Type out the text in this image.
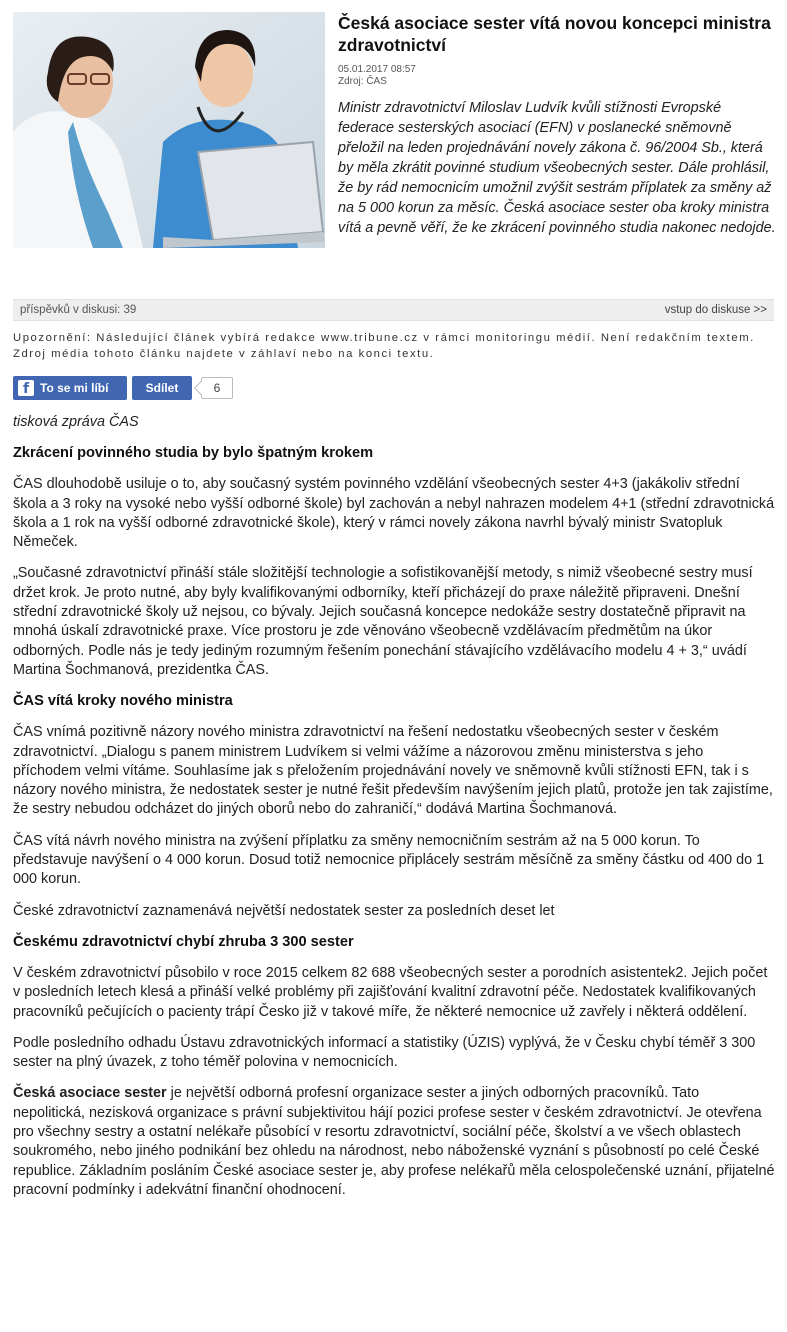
Česká asociace sester vítá novou koncepci ministra zdravotnictví
05.01.2017 08:57
Zdroj: ČAS

Ministr zdravotnictví Miloslav Ludvík kvůli stížnosti Evropské federace sesterských asociací (EFN) v poslanecké sněmovně přeložil na leden projednávání novely zákona č. 96/2004 Sb., která by měla zkrátit povinné studium všeobecných sester. Dále prohlásil, že by rád nemocnicím umožnil zvýšit sestrám příplatek za směny až na 5 000 korun za měsíc. Česká asociace sester oba kroky ministra vítá a pevně věří, že ke zkrácení povinného studia nakonec nedojde.

příspěvků v diskusi: 39	vstup do diskuse >>

Upozornění: Následující článek vybírá redakce www.tribune.cz v rámci monitoringu médií. Není redakčním textem. Zdroj média tohoto článku najdete v záhlaví nebo na konci textu.

f To se mi líbí	Sdílet	6

tisková zpráva ČAS

Zkrácení povinného studia by bylo špatným krokem

ČAS dlouhodobě usiluje o to, aby současný systém povinného vzdělání všeobecných sester 4+3 (jakákoliv střední škola a 3 roky na vysoké nebo vyšší odborné škole) byl zachován a nebyl nahrazen modelem 4+1 (střední zdravotnická škola a 1 rok na vyšší odborné zdravotnické škole), který v rámci novely zákona navrhl bývalý ministr Svatopluk Němeček.

„Současné zdravotnictví přináší stále složitější technologie a sofistikovanější metody, s nimiž všeobecné sestry musí držet krok. Je proto nutné, aby byly kvalifikovanými odborníky, kteří přicházejí do praxe náležitě připraveni. Dnešní střední zdravotnické školy už nejsou, co bývaly. Jejich současná koncepce nedokáže sestry dostatečně připravit na mnohá úskalí zdravotnické praxe. Více prostoru je zde věnováno všeobecně vzdělávacím předmětům na úkor odborných. Podle nás je tedy jediným rozumným řešením ponechání stávajícího vzdělávacího modelu 4 + 3,“ uvádí Martina Šochmanová, prezidentka ČAS.

ČAS vítá kroky nového ministra

ČAS vnímá pozitivně názory nového ministra zdravotnictví na řešení nedostatku všeobecných sester v českém zdravotnictví. „Dialogu s panem ministrem Ludvíkem si velmi vážíme a názorovou změnu ministerstva s jeho příchodem velmi vítáme. Souhlasíme jak s přeložením projednávání novely ve sněmovně kvůli stížnosti EFN, tak i s názory nového ministra, že nedostatek sester je nutné řešit především navýšením jejich platů, protože jen tak zajistíme, že sestry nebudou odcházet do jiných oborů nebo do zahraničí,“ dodává Martina Šochmanová.

ČAS vítá návrh nového ministra na zvýšení příplatku za směny nemocničním sestrám až na 5 000 korun. To představuje navýšení o 4 000 korun. Dosud totiž nemocnice připlácely sestrám měsíčně za směny částku od 400 do 1 000 korun.

České zdravotnictví zaznamenává největší nedostatek sester za posledních deset let

Českému zdravotnictví chybí zhruba 3 300 sester

V českém zdravotnictví působilo v roce 2015 celkem 82 688 všeobecných sester a porodních asistentek2. Jejich počet v posledních letech klesá a přináší velké problémy při zajišťování kvalitní zdravotní péče. Nedostatek kvalifikovaných pracovníků pečujících o pacienty trápí Česko již v takové míře, že některé nemocnice už zavřely i některá oddělení.

Podle posledního odhadu Ústavu zdravotnických informací a statistiky (ÚZIS) vyplývá, že v Česku chybí téměř 3 300 sester na plný úvazek, z toho téměř polovina v nemocnicích.

Česká asociace sester je největší odborná profesní organizace sester a jiných odborných pracovníků. Tato nepolitická, nezisková organizace s právní subjektivitou hájí pozici profese sester v českém zdravotnictví. Je otevřena pro všechny sestry a ostatní nelékaře působící v resortu zdravotnictví, sociální péče, školství a ve všech oblastech soukromého, nebo jiného podnikání bez ohledu na národnost, nebo náboženské vyznání s působností po celé České republice. Základním posláním České asociace sester je, aby profese nelékařů měla celospolečenské uznání, přijatelné pracovní podmínky i adekvátní finanční ohodnocení.
